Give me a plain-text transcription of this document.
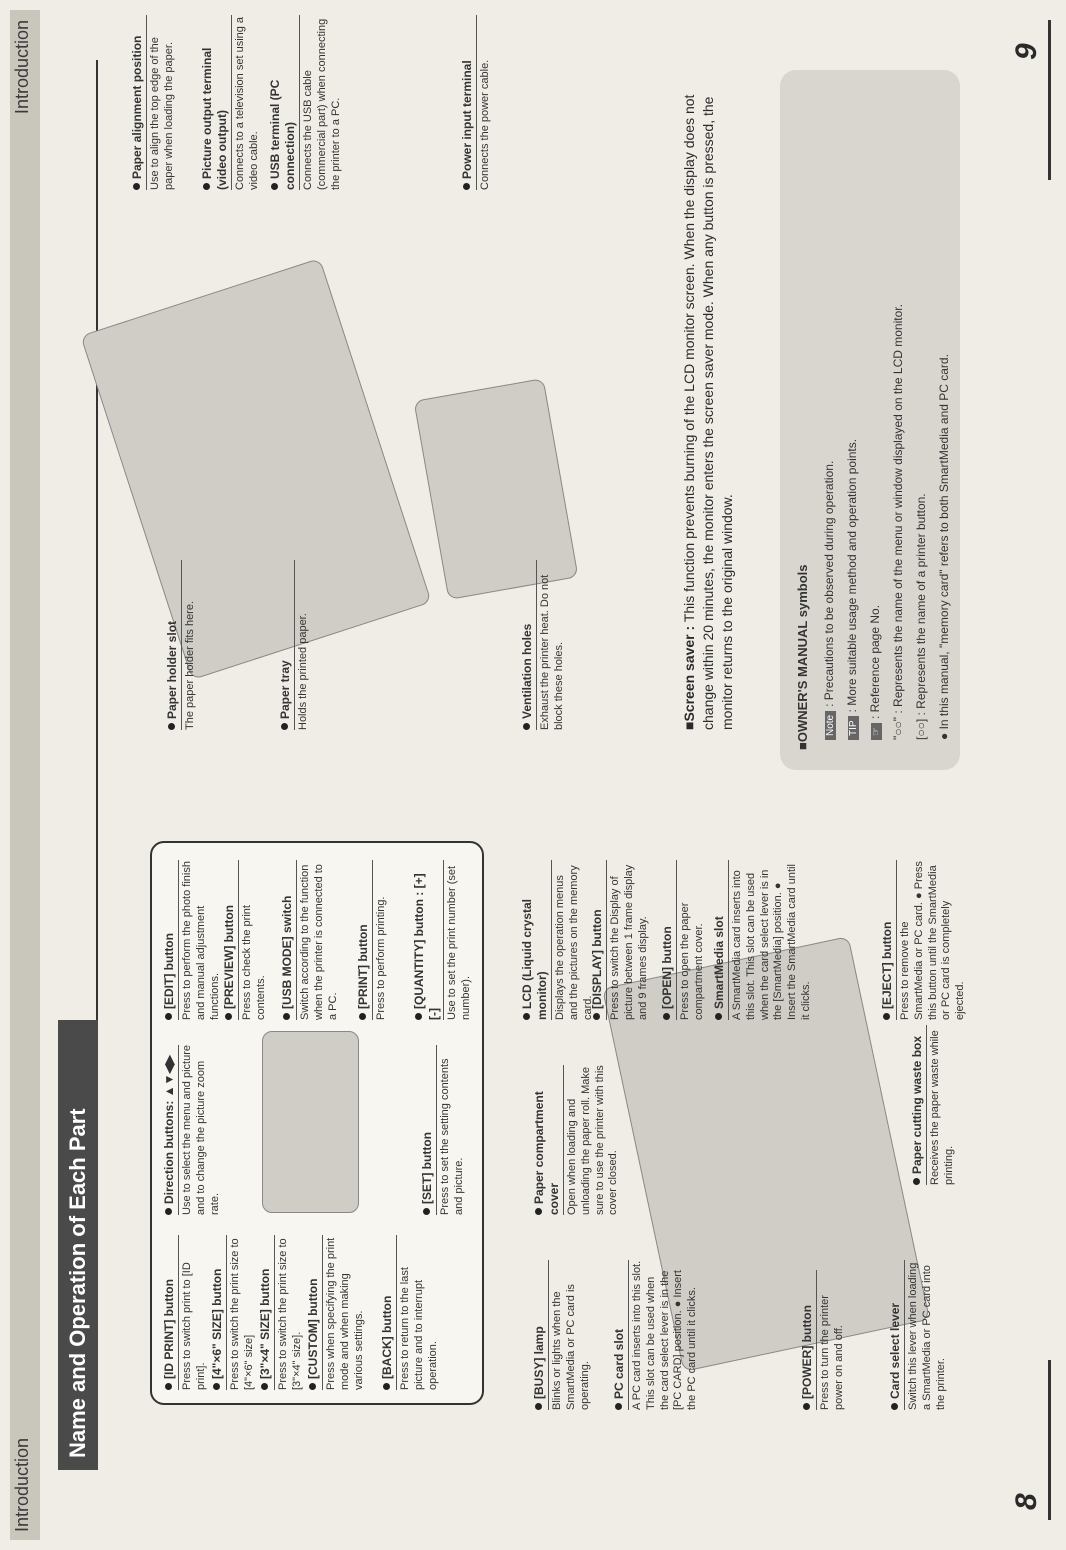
Introduction
Introduction
Name and Operation of Each Part	[ID PRINT] button Press to switch print to [ID print]. [4"×6" SIZE] button Press to switch the print size to [4"×6" size] [3"×4" SIZE] button Press to switch the print size to [3"×4" size]. [CUSTOM] button Press when specifying the print mode and when making various settings. [BACK] button Press to return to the last picture and to interrupt operation.
Direction buttons: ▲▼◀▶ Use to select the menu and picture and to change the picture zoom rate.	[SET] button Press to set the setting contents and picture.
[EDIT] button Press to perform the photo finish and manual adjustment functions. [PREVIEW] button Press to check the print contents. [USB MODE] switch Switch according to the function when the printer is connected to a PC. [PRINT] button Press to perform printing. [QUANTITY] button : [+] [-] Use to set the print number (set number).
[BUSY] lamp Blinks or lights when the SmartMedia or PC card is operating. PC card slot A PC card inserts into this slot. This slot can be used when the card select lever is in the [PC CARD] position. ● Insert the PC card until it clicks.	[POWER] button Press to turn the printer power on and off.	Card select lever Switch this lever when loading a SmartMedia or PC card into the printer.
Paper compartment cover Open when loading and unloading the paper roll. Make sure to use the printer with this cover closed.
Paper cutting waste box Receives the paper waste while printing.
LCD (Liquid crystal monitor) Displays the operation menus and the pictures on the memory card.
[DISPLAY] button Press to switch the Display of picture between 1 frame display and 9 frames display. [OPEN] button Press to open the paper compartment cover. SmartMedia slot A SmartMedia card inserts into this slot. This slot can be used when the card select lever is in the [SmartMedia] position. ● Insert the SmartMedia card until it clicks.	[EJECT] button Press to remove the SmartMedia or PC card. ● Press this button until the SmartMedia or PC card is completely ejected.
Paper holder slot The paper holder fits here.	Paper tray Holds the printed paper.	Ventilation holes Exhaust the printer heat. Do not block these holes.
Paper alignment position Use to align the top edge of the paper when loading the paper. Picture output terminal (video output) Connects to a television set using a video cable. USB terminal (PC connection) Connects the USB cable (commercial part) when connecting the printer to a PC.	Power input terminal Connects the power cable.
■Screen saver : This function prevents burning of the LCD monitor screen. When the display does not change within 20 minutes, the monitor enters the screen saver mode. When any button is pressed, the monitor returns to the original window.	■OWNER'S MANUAL symbols	Note: Precautions to be observed during operation.
TIP: More suitable usage method and operation points.
☞: Reference page No.
"○○" : Represents the name of the menu or window displayed on the LCD monitor.
[○○] : Represents the name of a printer button.
● In this manual, "memory card" refers to both SmartMedia and PC card.
8
9
